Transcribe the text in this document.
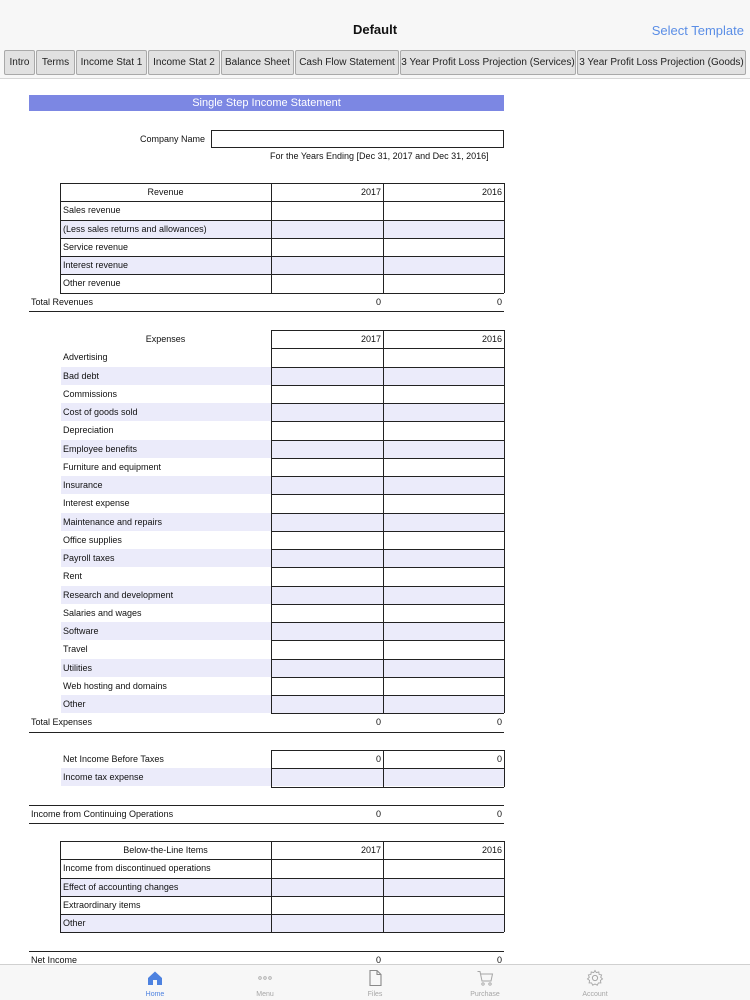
Default	Select Template
Intro	Terms	Income Stat 1	Income Stat 2	Balance Sheet Cash Flow Statement 3 Year Profit Loss Projection (Services) 3 Year Profit Loss Projection (Goods)
Single Step Income Statement
Company Name
For the Years Ending [Dec 31, 2017 and Dec 31, 2016]
Revenue	2017	2016
Sales revenue
(Less sales returns and allowances)
Service revenue
Interest revenue
Other revenue
Total Revenues	0	0
Expenses	2017	2016
Advertising
Bad debt
Commissions
Cost of goods sold
Depreciation
Employee benefits
Furniture and equipment
Insurance
Interest expense
Maintenance and repairs
Office supplies
Payroll taxes
Rent
Research and development
Salaries and wages
Software
Travel
Utilities
Web hosting and domains
Other
Total Expenses	0	0
Net Income Before Taxes	0	0
Income tax expense
Income from Continuing Operations	0	0
Below-the-Line Items	2017	2016
Income from discontinued operations
Effect of accounting changes
Extraordinary items
Other
Net Income	0	0
Home	Menu	Files	Purchase	Account
